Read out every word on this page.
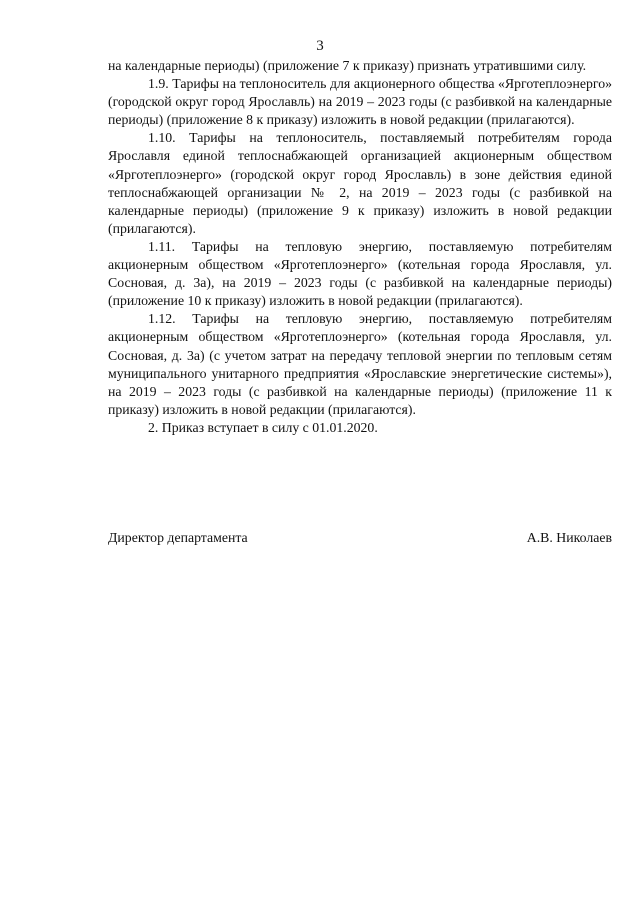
3

на календарные периоды) (приложение 7 к приказу) признать утратившими силу.

1.9. Тарифы на теплоноситель для акционерного общества «Ярготеплоэнерго» (городской округ город Ярославль) на 2019 – 2023 годы (с разбивкой на календарные периоды) (приложение 8 к приказу) изложить в новой редакции (прилагаются).

1.10. Тарифы на теплоноситель, поставляемый потребителям города Ярославля единой теплоснабжающей организацией акционерным обществом «Ярготеплоэнерго» (городской округ город Ярославль) в зоне действия единой теплоснабжающей организации № 2, на 2019 – 2023 годы (с разбивкой на календарные периоды) (приложение 9 к приказу) изложить в новой редакции (прилагаются).

1.11. Тарифы на тепловую энергию, поставляемую потребителям акционерным обществом «Ярготеплоэнерго» (котельная города Ярославля, ул. Сосновая, д. 3а), на 2019 – 2023 годы (с разбивкой на календарные периоды) (приложение 10 к приказу) изложить в новой редакции (прилагаются).

1.12. Тарифы на тепловую энергию, поставляемую потребителям акционерным обществом «Ярготеплоэнерго» (котельная города Ярославля, ул. Сосновая, д. 3а) (с учетом затрат на передачу тепловой энергии по тепловым сетям муниципального унитарного предприятия «Ярославские энергетические системы»), на 2019 – 2023 годы (с разбивкой на календарные периоды) (приложение 11 к приказу) изложить в новой редакции (прилагаются).

2. Приказ вступает в силу с 01.01.2020.

Директор департамента	А.В. Николаев
